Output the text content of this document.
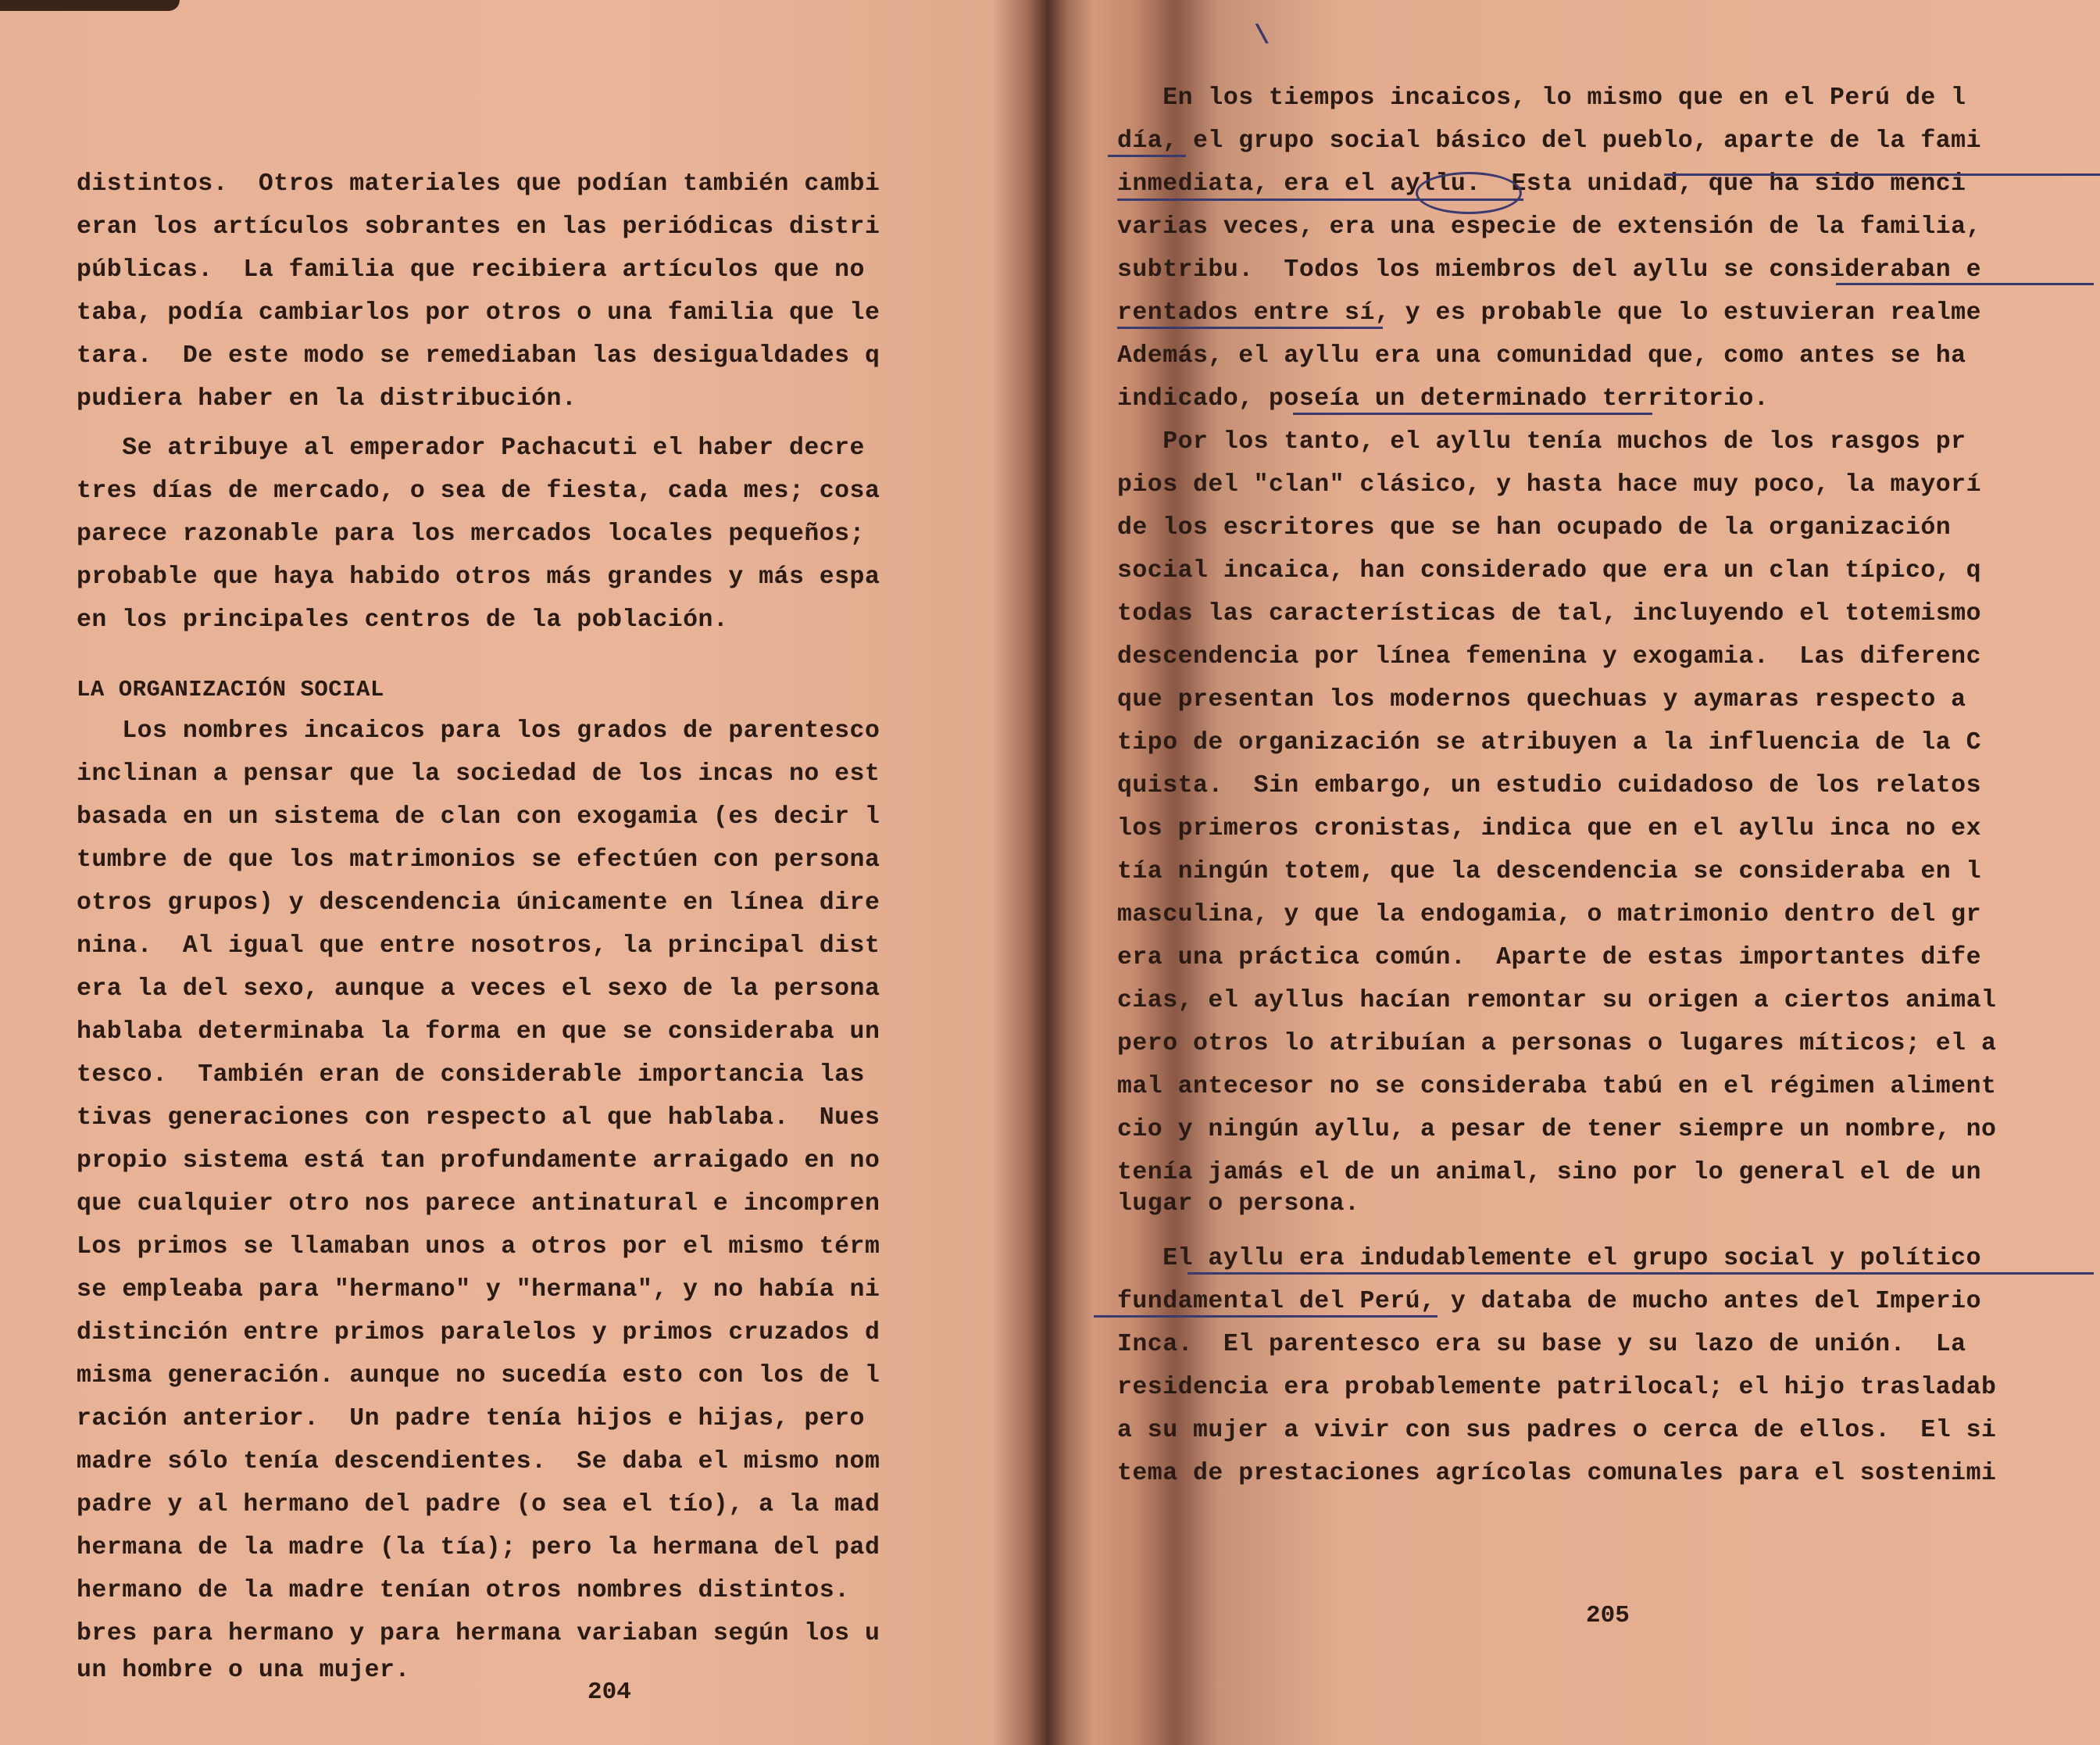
distintos.  Otros materiales que podían también cambi
eran los artículos sobrantes en las periódicas distri
públicas.  La familia que recibiera artículos que no
taba, podía cambiarlos por otros o una familia que le
tara.  De este modo se remediaban las desigualdades q
pudiera haber en la distribución.
Se atribuye al emperador Pachacuti el haber decre
tres días de mercado, o sea de fiesta, cada mes; cosa
parece razonable para los mercados locales pequeños;
probable que haya habido otros más grandes y más espa
en los principales centros de la población.
LA ORGANIZACIÓN SOCIAL
Los nombres incaicos para los grados de parentesco
inclinan a pensar que la sociedad de los incas no est
basada en un sistema de clan con exogamia (es decir l
tumbre de que los matrimonios se efectúen con persona
otros grupos) y descendencia únicamente en línea dire
nina.  Al igual que entre nosotros, la principal dist
era la del sexo, aunque a veces el sexo de la persona
hablaba determinaba la forma en que se consideraba un
tesco.  También eran de considerable importancia las
tivas generaciones con respecto al que hablaba.  Nues
propio sistema está tan profundamente arraigado en no
que cualquier otro nos parece antinatural e incompren
Los primos se llamaban unos a otros por el mismo térm
se empleaba para "hermano" y "hermana", y no había ni
distinción entre primos paralelos y primos cruzados d
misma generación. aunque no sucedía esto con los de l
ración anterior.  Un padre tenía hijos e hijas, pero
madre sólo tenía descendientes.  Se daba el mismo nom
padre y al hermano del padre (o sea el tío), a la mad
hermana de la madre (la tía); pero la hermana del pad
hermano de la madre tenían otros nombres distintos.
bres para hermano y para hermana variaban según los u
un hombre o una mujer.
204
\
En los tiempos incaicos, lo mismo que en el Perú de l
día, el grupo social básico del pueblo, aparte de la fami
inmediata, era el ayllu.  Esta unidad, que ha sido menci
varias veces, era una especie de extensión de la familia,
subtribu.  Todos los miembros del ayllu se consideraban e
rentados entre sí, y es probable que lo estuvieran realme
Además, el ayllu era una comunidad que, como antes se ha
indicado, poseía un determinado territorio.
Por los tanto, el ayllu tenía muchos de los rasgos pr
pios del "clan" clásico, y hasta hace muy poco, la mayorí
de los escritores que se han ocupado de la organización
social incaica, han considerado que era un clan típico, q
todas las características de tal, incluyendo el totemismo
descendencia por línea femenina y exogamia.  Las diferenc
que presentan los modernos quechuas y aymaras respecto a
tipo de organización se atribuyen a la influencia de la C
quista.  Sin embargo, un estudio cuidadoso de los relatos
los primeros cronistas, indica que en el ayllu inca no ex
tía ningún totem, que la descendencia se consideraba en l
masculina, y que la endogamia, o matrimonio dentro del gr
era una práctica común.  Aparte de estas importantes dife
cias, el ayllus hacían remontar su origen a ciertos animal
pero otros lo atribuían a personas o lugares míticos; el a
mal antecesor no se consideraba tabú en el régimen aliment
cio y ningún ayllu, a pesar de tener siempre un nombre, no
tenía jamás el de un animal, sino por lo general el de un
lugar o persona.
El ayllu era indudablemente el grupo social y político
fundamental del Perú, y databa de mucho antes del Imperio
Inca.  El parentesco era su base y su lazo de unión.  La
residencia era probablemente patrilocal; el hijo trasladab
a su mujer a vivir con sus padres o cerca de ellos.  El si
tema de prestaciones agrícolas comunales para el sostenimi
205
